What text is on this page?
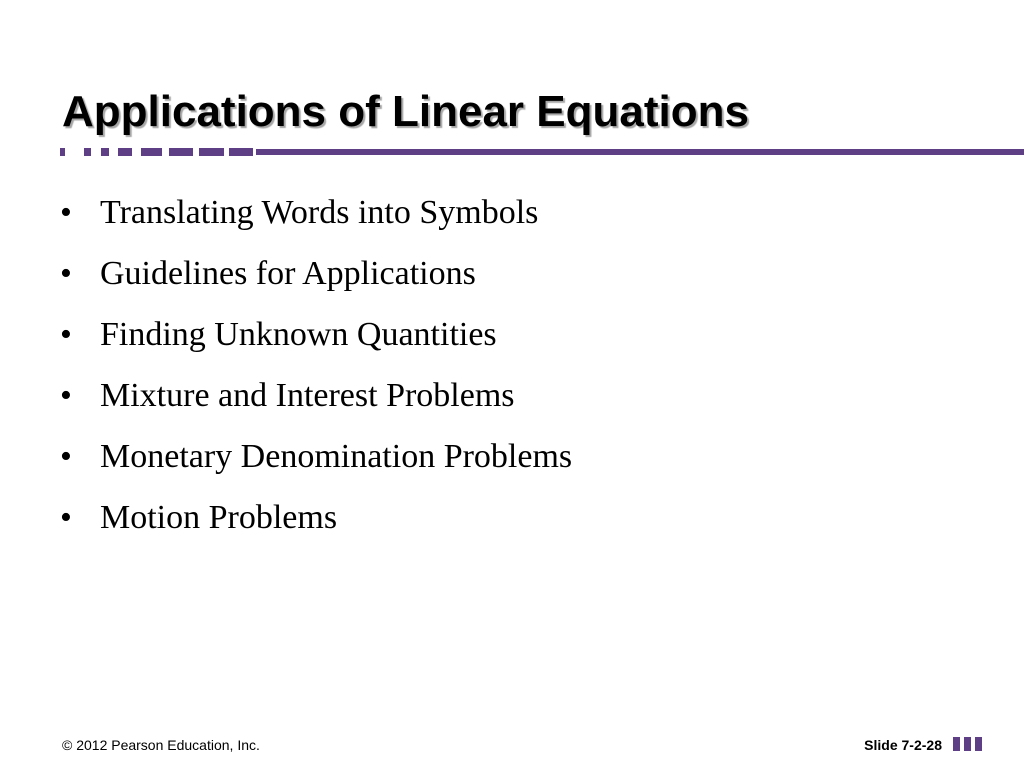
Applications of Linear Equations
• Translating Words into Symbols
• Guidelines for Applications
• Finding Unknown Quantities
• Mixture and Interest Problems
• Monetary Denomination Problems
• Motion Problems
© 2012 Pearson Education, Inc.	Slide 7-2-28
